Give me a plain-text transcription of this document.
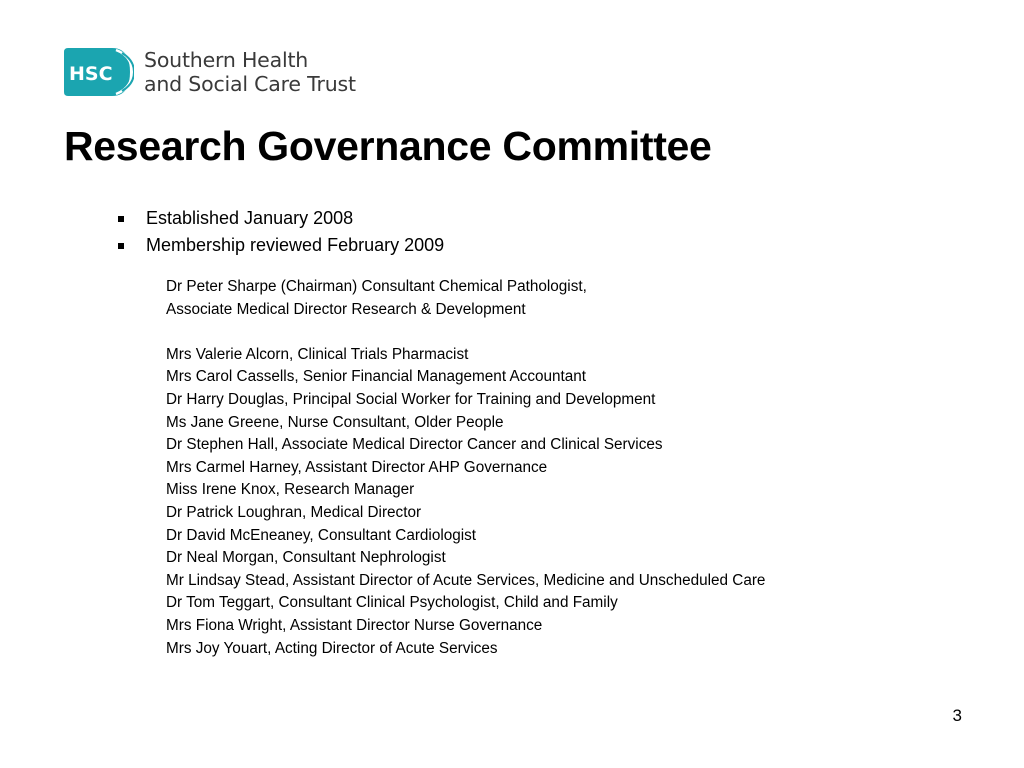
HSC
Southern Health
and Social Care Trust
Research Governance Committee
Established January 2008
Membership reviewed February 2009
Dr Peter Sharpe (Chairman) Consultant Chemical Pathologist,
Associate Medical Director Research & Development
Mrs Valerie Alcorn, Clinical Trials Pharmacist
Mrs Carol Cassells, Senior Financial Management Accountant
Dr Harry Douglas, Principal Social Worker for Training and Development
Ms Jane Greene, Nurse Consultant, Older People
Dr Stephen Hall, Associate Medical Director Cancer and Clinical Services
Mrs Carmel Harney, Assistant Director AHP Governance
Miss Irene Knox, Research Manager
Dr Patrick Loughran, Medical Director
Dr David McEneaney, Consultant Cardiologist
Dr Neal Morgan, Consultant Nephrologist
Mr Lindsay Stead, Assistant Director of Acute Services, Medicine and Unscheduled Care
Dr Tom Teggart, Consultant Clinical Psychologist, Child and Family
Mrs Fiona Wright, Assistant Director Nurse Governance
Mrs Joy Youart, Acting Director of Acute Services
3
